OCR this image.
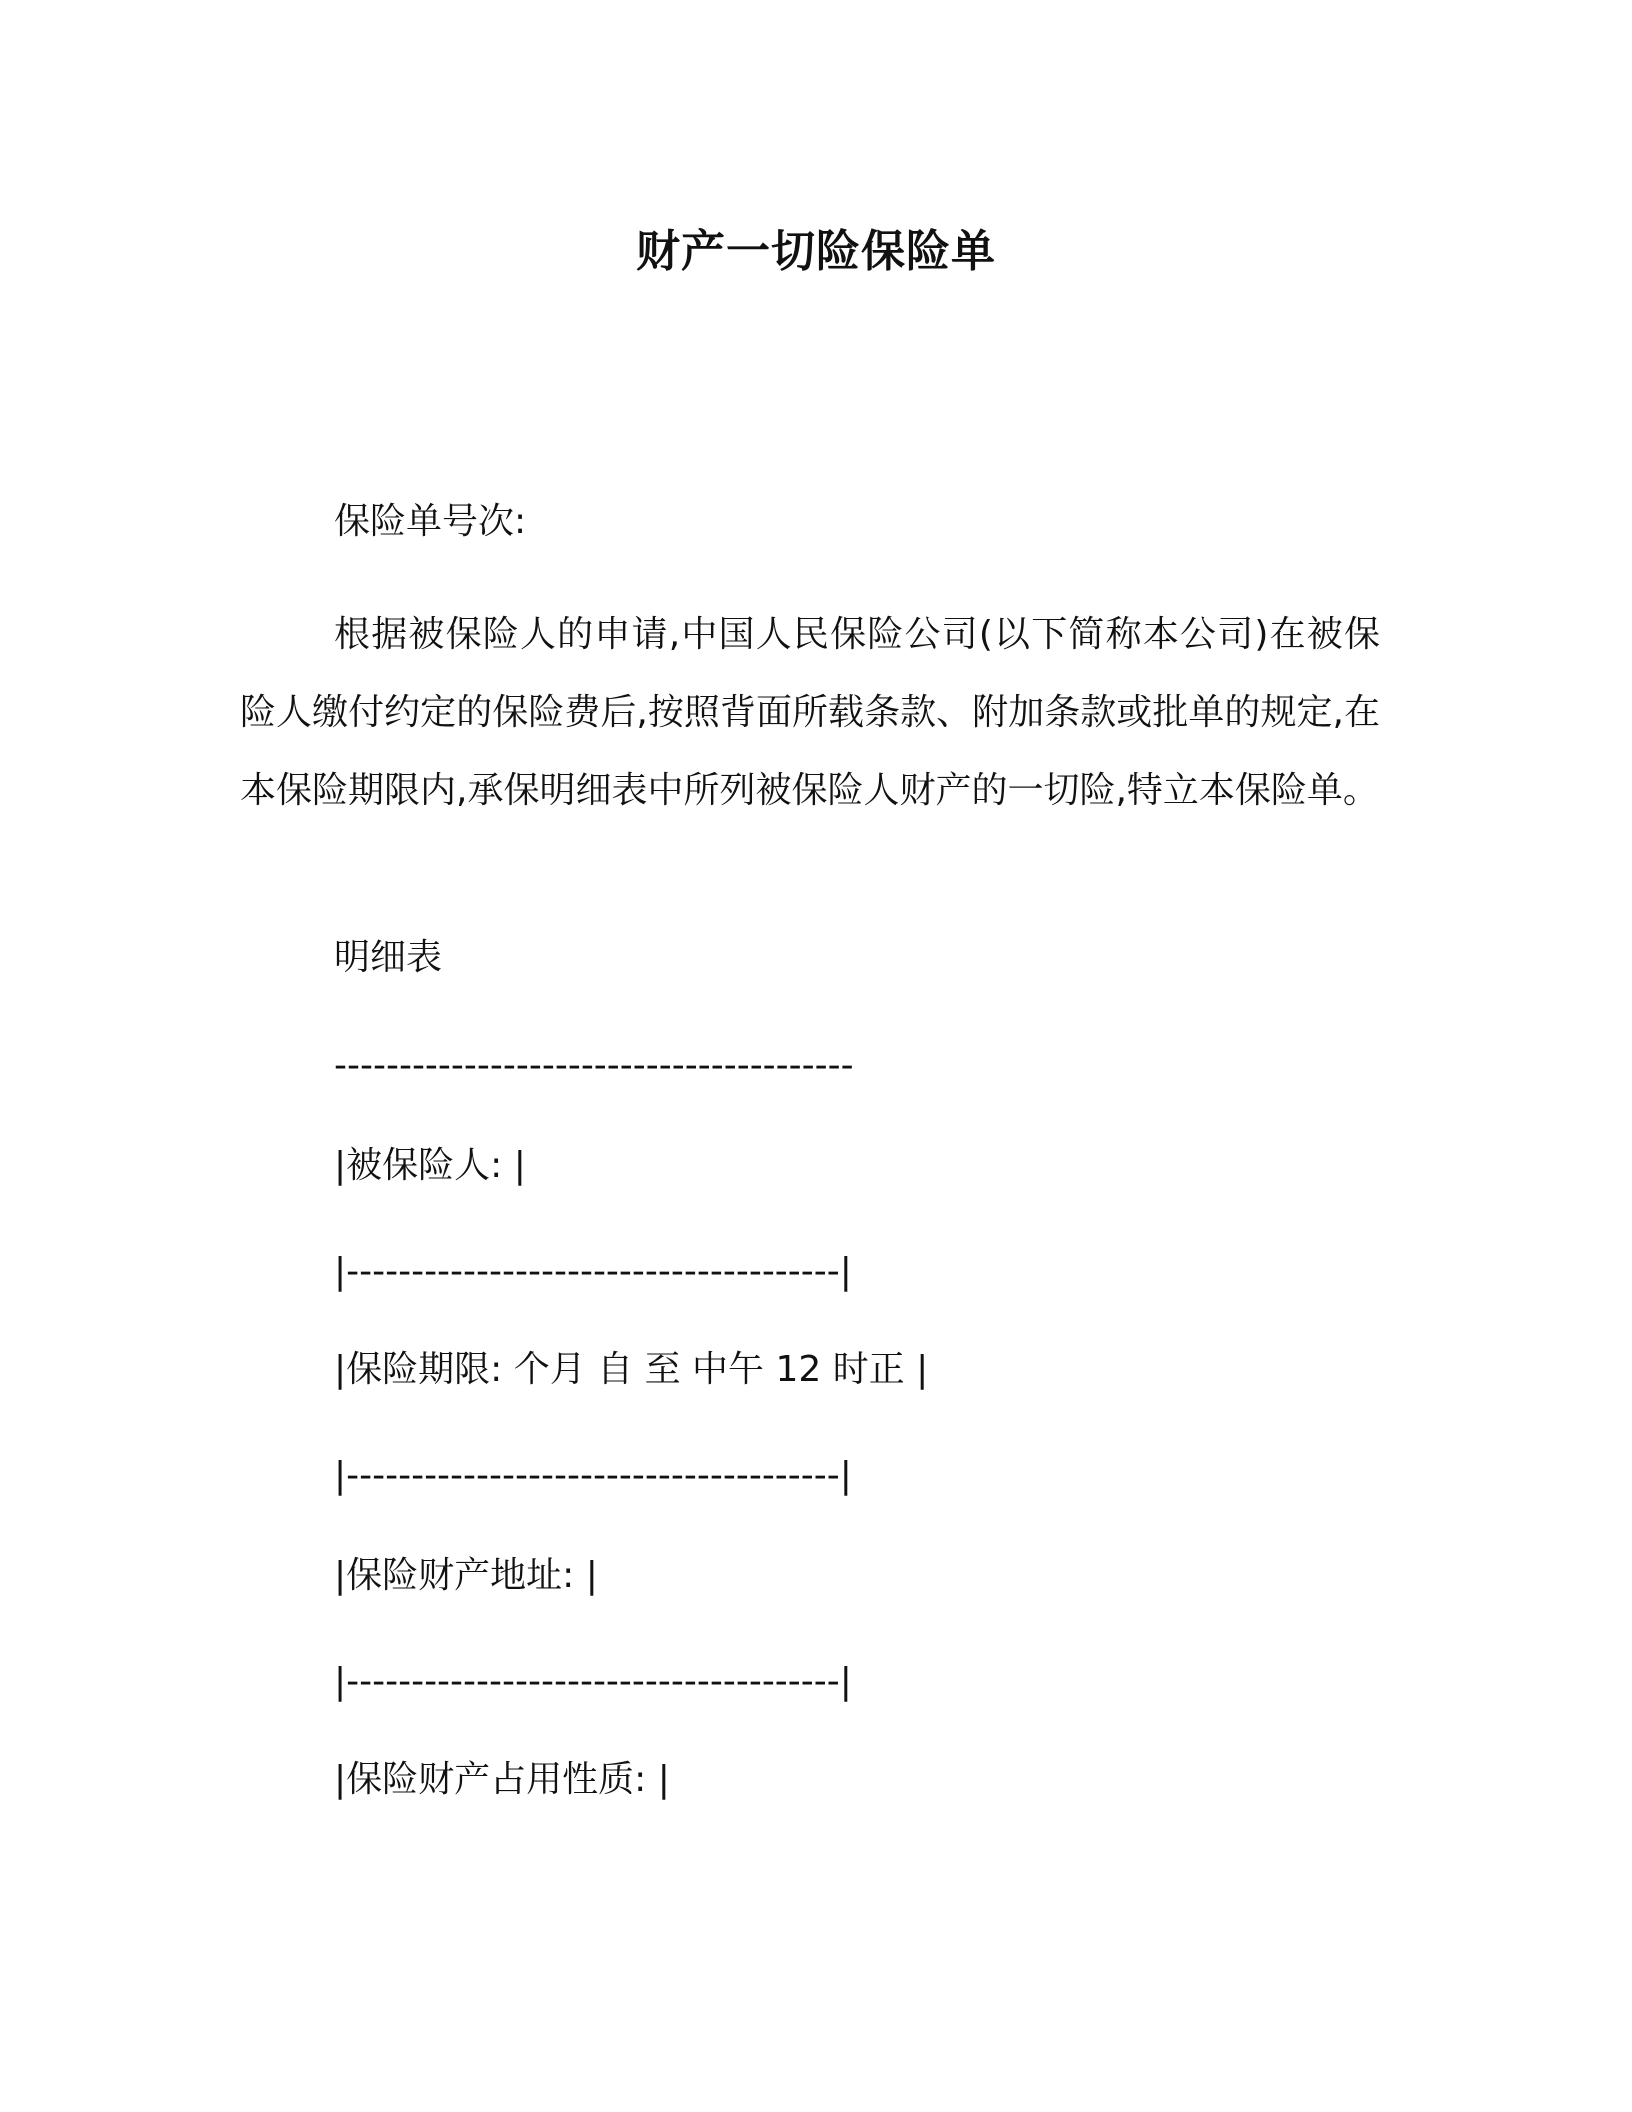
财产一切险保险单
保险单号次:
根据被保险人的申请,中国人民保险公司(以下简称本公司)在被保险人缴付约定的保险费后,按照背面所载条款、附加条款或批单的规定,在本保险期限内,承保明细表中所列被保险人财产的一切险,特立本保险单。
明细表
----------------------------------------
|被保险人: |
|--------------------------------------|
|保险期限: 个月 自 至 中午 12 时正 |
|--------------------------------------|
|保险财产地址: |
|--------------------------------------|
|保险财产占用性质: |
